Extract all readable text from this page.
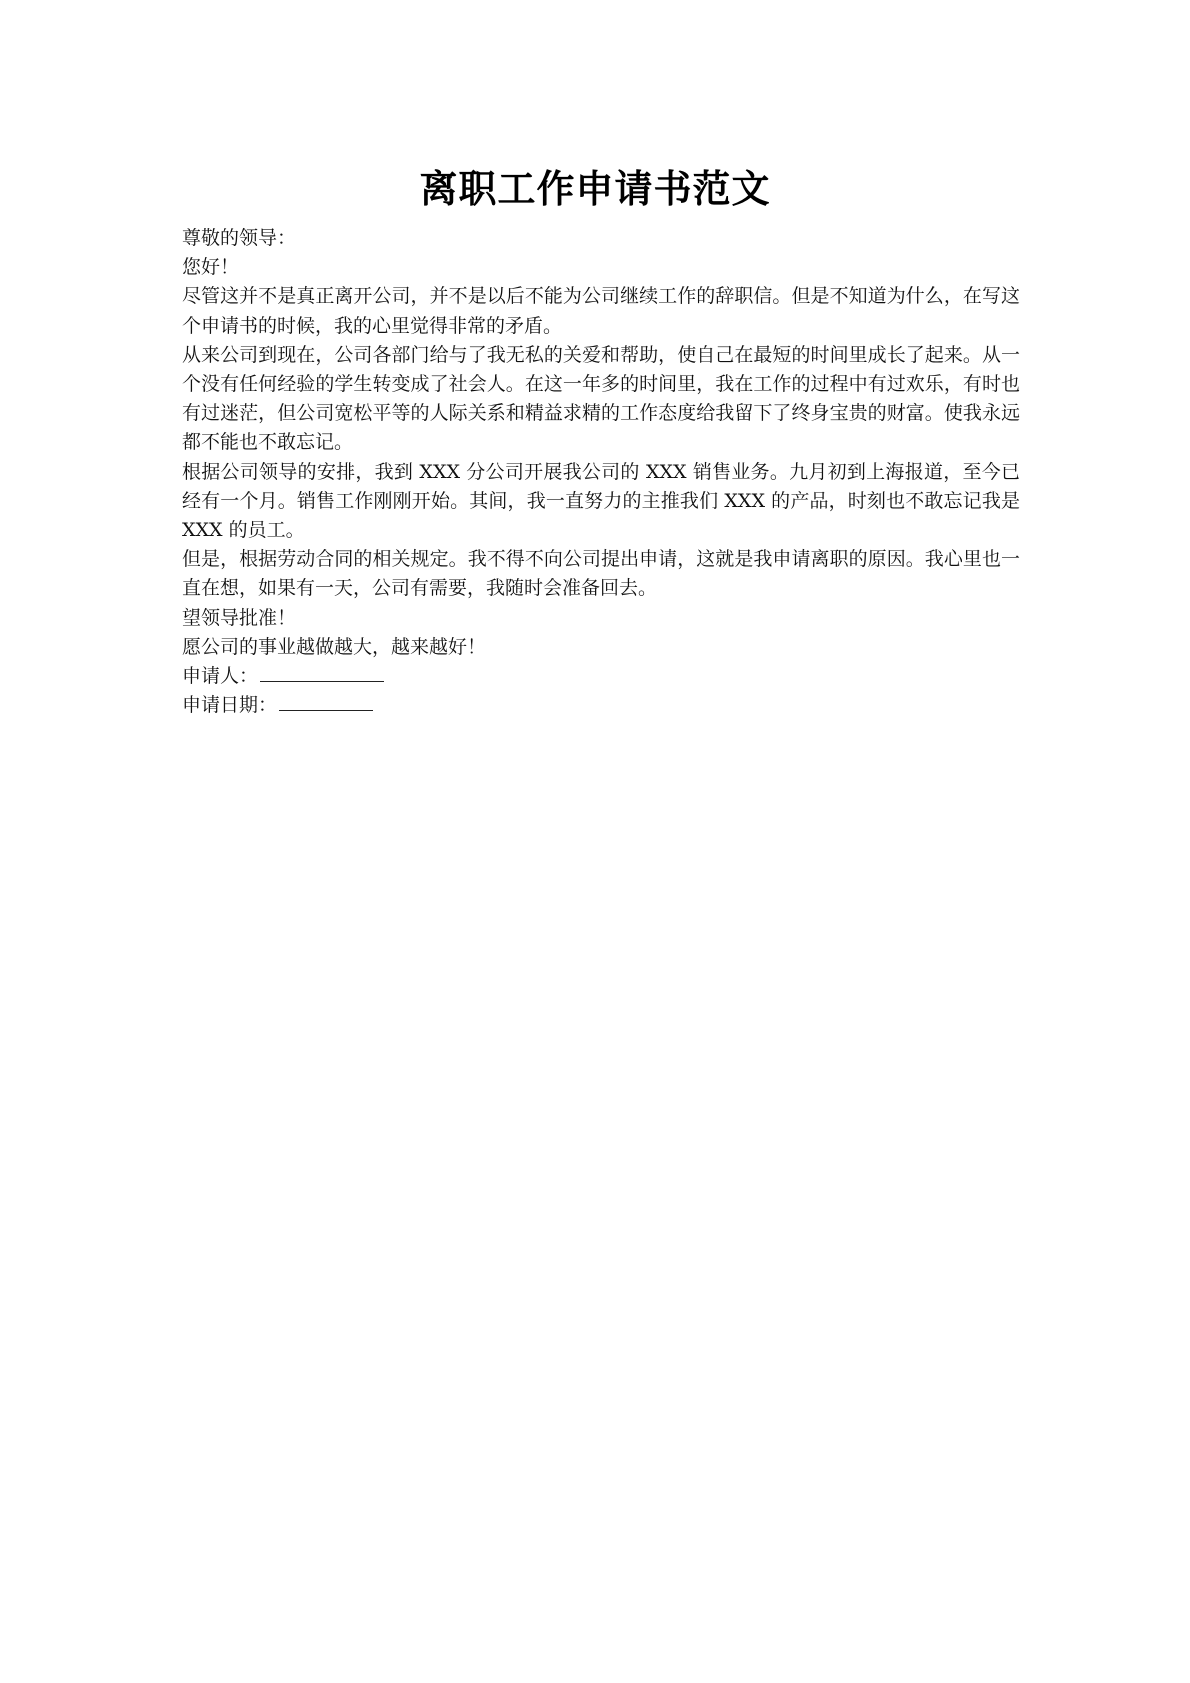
离职工作申请书范文

尊敬的领导：

您好！

尽管这并不是真正离开公司，并不是以后不能为公司继续工作的辞职信。但是不知道为什么，在写这个申请书的时候，我的心里觉得非常的矛盾。

从来公司到现在，公司各部门给与了我无私的关爱和帮助，使自己在最短的时间里成长了起来。从一个没有任何经验的学生转变成了社会人。在这一年多的时间里，我在工作的过程中有过欢乐，有时也有过迷茫，但公司宽松平等的人际关系和精益求精的工作态度给我留下了终身宝贵的财富。使我永远都不能也不敢忘记。

根据公司领导的安排，我到 XXX 分公司开展我公司的 XXX 销售业务。九月初到上海报道，至今已经有一个月。销售工作刚刚开始。其间，我一直努力的主推我们 XXX 的产品，时刻也不敢忘记我是 XXX 的员工。

但是，根据劳动合同的相关规定。我不得不向公司提出申请，这就是我申请离职的原因。我心里也一直在想，如果有一天，公司有需要，我随时会准备回去。

望领导批准！

愿公司的事业越做越大，越来越好！

申请人：

申请日期：
